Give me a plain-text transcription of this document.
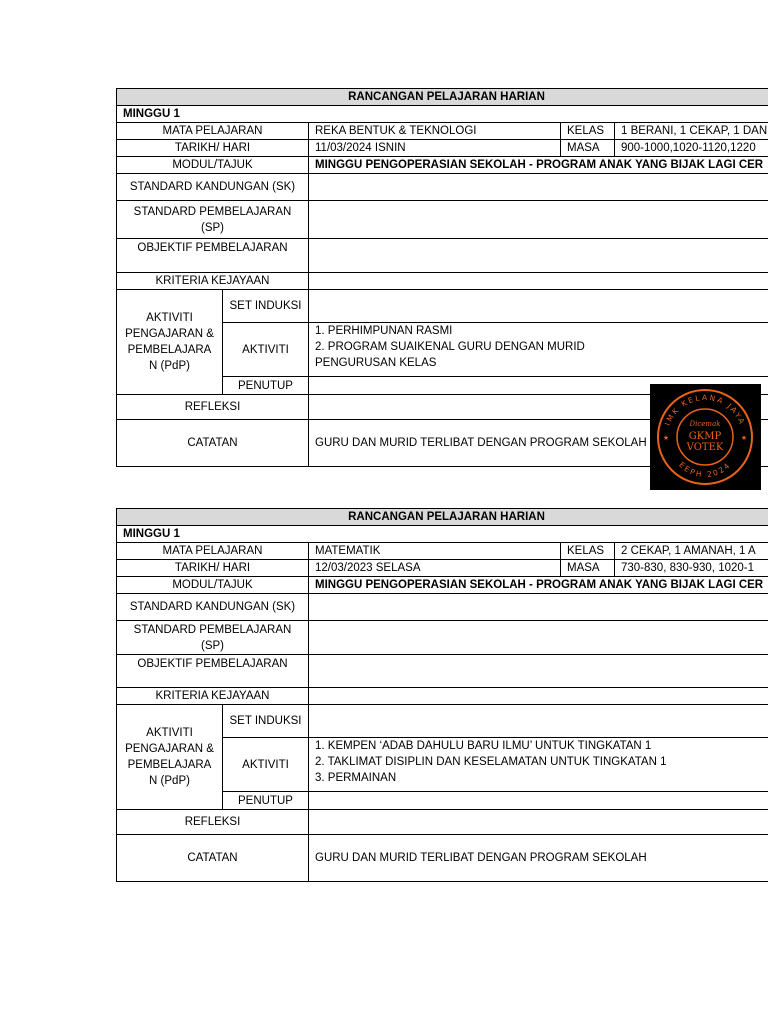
RANCANGAN PELAJARAN HARIAN				
MINGGU 1				
MATA PELAJARAN		REKA BENTUK & TEKNOLOGI	KELAS	1 BERANI, 1 CEKAP, 1 DAN
TARIKH/ HARI		11/03/2024 ISNIN	MASA	900-1000,1020-1120,1220
MODUL/TAJUK		MINGGU PENGOPERASIAN SEKOLAH - PROGRAM ANAK YANG BIJAK LAGI CER		
STANDARD KANDUNGAN (SK)				
STANDARD PEMBELAJARAN (SP)				
OBJEKTIF PEMBELAJARAN				
KRITERIA KEJAYAAN				
AKTIVITI PENGAJARAN & PEMBELAJARA N (PdP)	SET INDUKSI			
	AKTIVITI	1. PERHIMPUNAN RASMI
2. PROGRAM SUAIKENAL GURU DENGAN MURID
PENGURUSAN KELAS		

	PENUTUP			
REFLEKSI				
CATATAN		GURU DAN MURID TERLIBAT DENGAN PROGRAM SEKOLAH		
RANCANGAN PELAJARAN HARIAN				
MINGGU 1				
MATA PELAJARAN		MATEMATIK	KELAS	2 CEKAP, 1 AMANAH, 1 A
TARIKH/ HARI		12/03/2023 SELASA	MASA	730-830, 830-930, 1020-1
MODUL/TAJUK		MINGGU PENGOPERASIAN SEKOLAH - PROGRAM ANAK YANG BIJAK LAGI CER		
STANDARD KANDUNGAN (SK)				
STANDARD PEMBELAJARAN (SP)				
OBJEKTIF PEMBELAJARAN				
KRITERIA KEJAYAAN				
AKTIVITI PENGAJARAN & PEMBELAJARA N (PdP)	SET INDUKSI			
	AKTIVITI	1. KEMPEN ‘ADAB DAHULU BARU ILMU’ UNTUK TINGKATAN 1
2. TAKLIMAT DISIPLIN DAN KESELAMATAN UNTUK TINGKATAN 1
3. PERMAINAN		

	PENUTUP			
REFLEKSI				
CATATAN		GURU DAN MURID TERLIBAT DENGAN PROGRAM SEKOLAH		
IMK KELANA JAYA
EEPH 2024
★	★
Dicemak
GKMP
VOTEK
